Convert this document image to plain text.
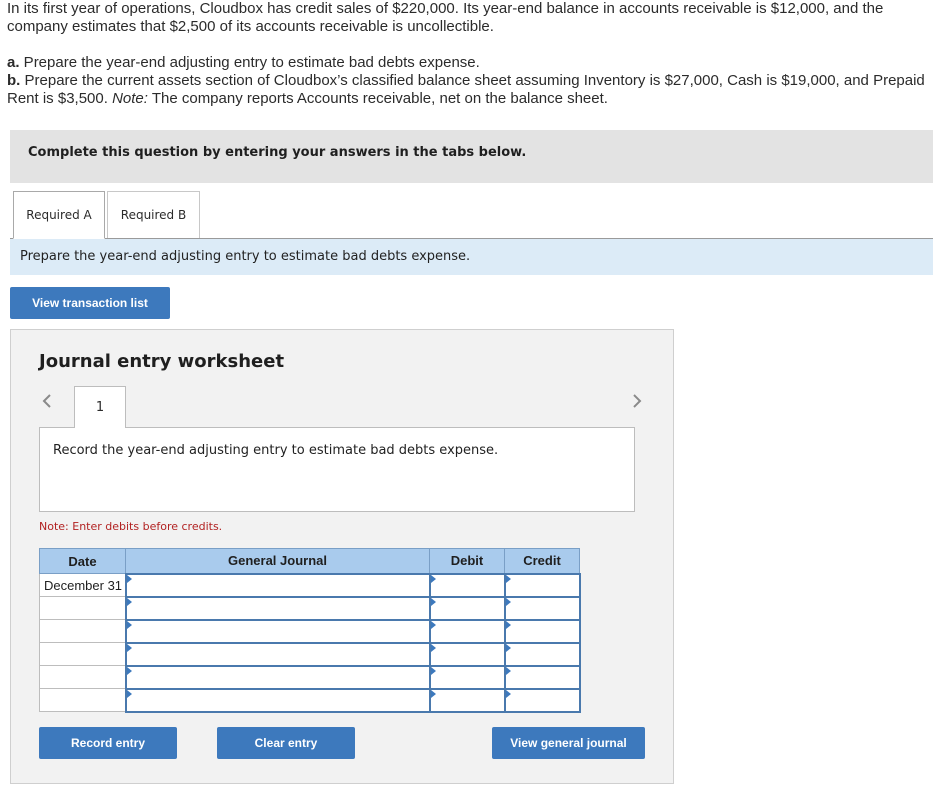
In its first year of operations, Cloudbox has credit sales of $220,000. Its year-end balance in accounts receivable is $12,000, and the company estimates that $2,500 of its accounts receivable is uncollectible.

a. Prepare the year-end adjusting entry to estimate bad debts expense.

b. Prepare the current assets section of Cloudbox’s classified balance sheet assuming Inventory is $27,000, Cash is $19,000, and Prepaid Rent is $3,500. Note: The company reports Accounts receivable, net on the balance sheet.

Complete this question by entering your answers in the tabs below.
Required A	Required B
Prepare the year-end adjusting entry to estimate bad debts expense.
View transaction list
Journal entry worksheet
1
Record the year-end adjusting entry to estimate bad debts expense.
Note: Enter debits before credits.
Date	General Journal	Debit	Credit
December 31	

Record entry	Clear entry	View general journal
